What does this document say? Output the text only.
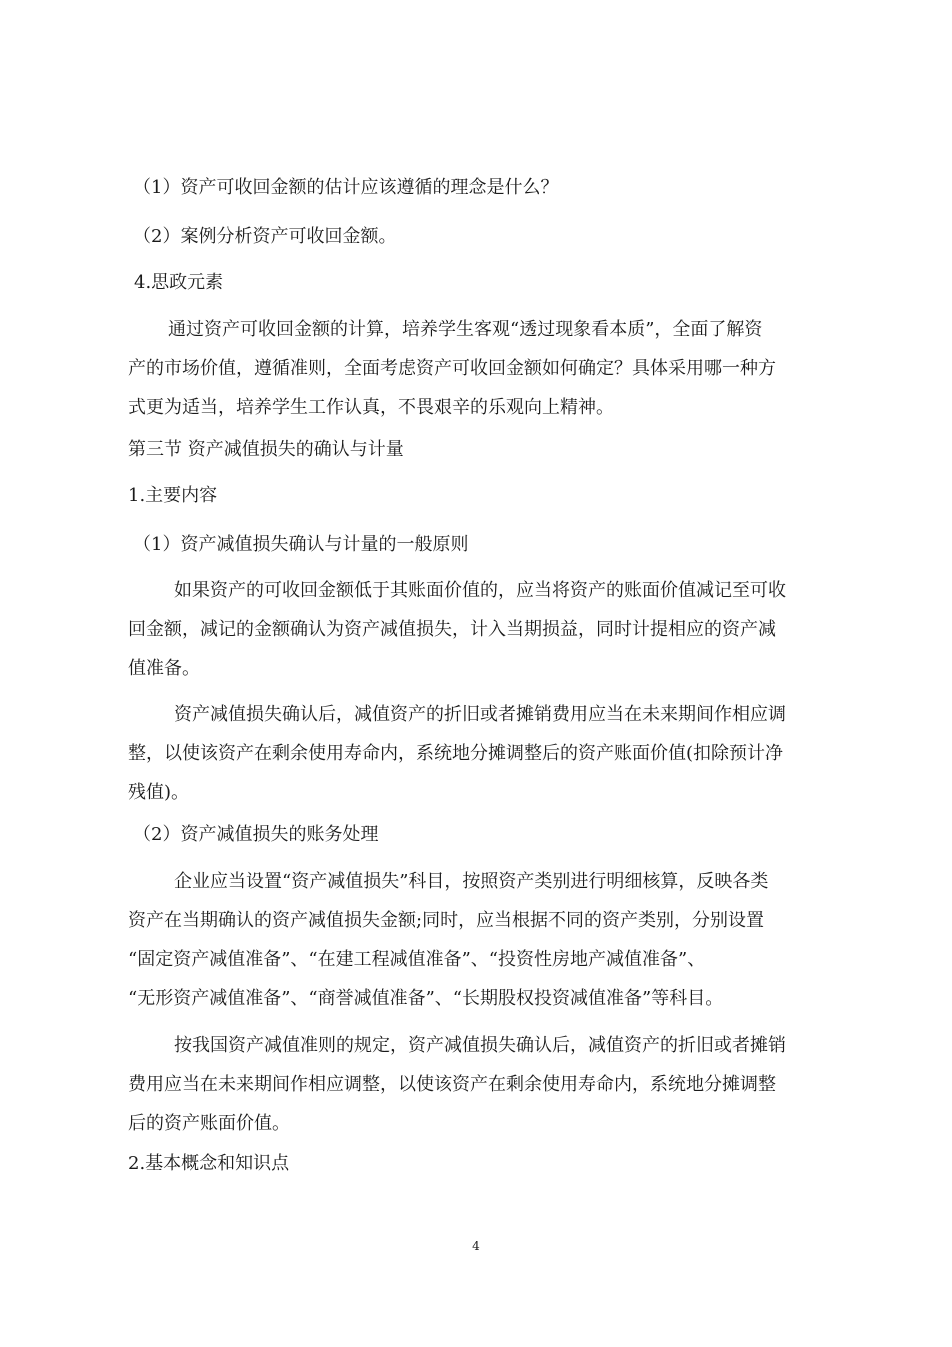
（1）资产可收回金额的估计应该遵循的理念是什么？
（2）案例分析资产可收回金额。
4.思政元素

通过资产可收回金额的计算，培养学生客观“透过现象看本质”，全面了解资

产的市场价值，遵循准则，全面考虑资产可收回金额如何确定？具体采用哪一种方

式更为适当，培养学生工作认真，不畏艰辛的乐观向上精神。

第三节 资产减值损失的确认与计量
1.主要内容
（1）资产减值损失确认与计量的一般原则

如果资产的可收回金额低于其账面价值的，应当将资产的账面价值减记至可收

回金额，减记的金额确认为资产减值损失，计入当期损益，同时计提相应的资产减

值准备。

资产减值损失确认后，减值资产的折旧或者摊销费用应当在未来期间作相应调

整，以使该资产在剩余使用寿命内，系统地分摊调整后的资产账面价值(扣除预计净

残值)。

（2）资产减值损失的账务处理

企业应当设置“资产减值损失”科目，按照资产类别进行明细核算，反映各类

资产在当期确认的资产减值损失金额;同时，应当根据不同的资产类别，分别设置

“固定资产减值准备”、“在建工程减值准备”、“投资性房地产减值准备”、

“无形资产减值准备”、“商誉减值准备”、“长期股权投资减值准备”等科目。

按我国资产减值准则的规定，资产减值损失确认后，减值资产的折旧或者摊销

费用应当在未来期间作相应调整，以使该资产在剩余使用寿命内，系统地分摊调整

后的资产账面价值。

2.基本概念和知识点
4
